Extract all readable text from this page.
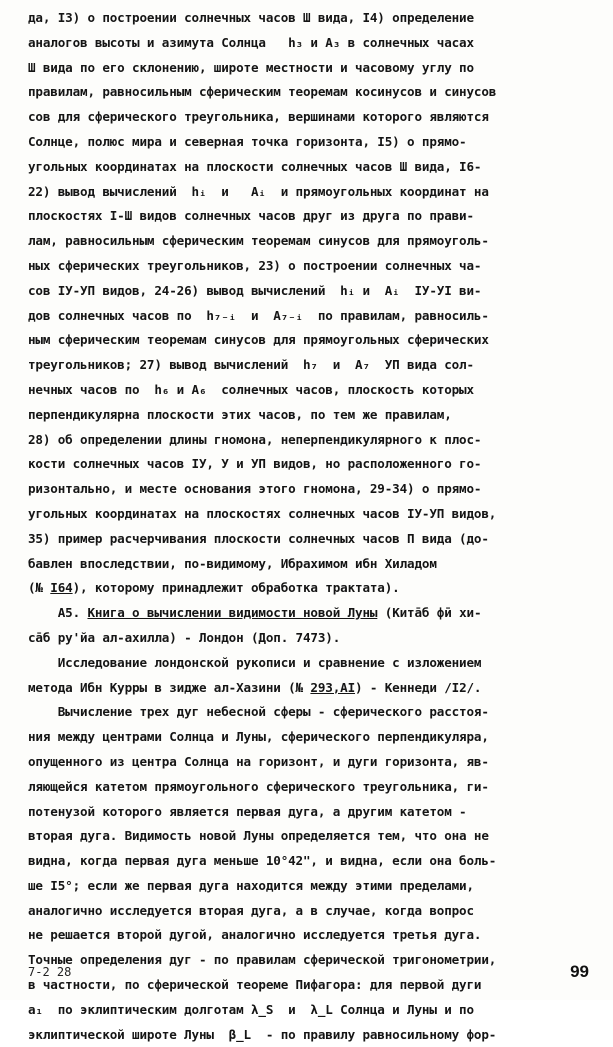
да, I3) о построении солнечных часов Ш вида, I4) определение
аналогов высоты и азимута Солнца   h₃ и A₃ в солнечных часах
Ш вида по его склонению, широте местности и часовому углу по
правилам, равносильным сферическим теоремам косинусов и синусов
сов для сферического треугольника, вершинами которого являются
Солнце, полюс мира и северная точка горизонта, I5) о прямо-
угольных координатах на плоскости солнечных часов Ш вида, I6-
22) вывод вычислений  hᵢ  и   Aᵢ  и прямоугольных координат на
плоскостях I-Ш видов солнечных часов друг из друга по прави-
лам, равносильным сферическим теоремам синусов для прямоуголь-
ных сферических треугольников, 23) о построении солнечных ча-
сов IУ-УП видов, 24-26) вывод вычислений  hᵢ и  Aᵢ  IУ-УI ви-
дов солнечных часов по  h₇₋ᵢ  и  A₇₋ᵢ  по правилам, равносиль-
ным сферическим теоремам синусов для прямоугольных сферических
треугольников; 27) вывод вычислений  h₇  и  A₇  УП вида сол-
нечных часов по  h₆ и A₆  солнечных часов, плоскость которых
перпендикулярна плоскости этих часов, по тем же правилам,
28) об определении длины гномона, неперпендикулярного к плос-
кости солнечных часов IУ, У и УП видов, но расположенного го-
ризонтально, и месте основания этого гномона, 29-34) о прямо-
угольных координатах на плоскостях солнечных часов IУ-УП видов,
35) пример расчерчивания плоскости солнечных часов П вида (до-
бавлен впоследствии, по-видимому, Ибрахимом ибн Хиладом
(№ I64), которому принадлежит обработка трактата).
A5. Книга о вычислении видимости новой Луны (Китāб фӣ хи-
сāб ру'йа ал-ахилла) - Лондон (Доп. 7473).
Исследование лондонской рукописи и сравнение с изложением
метода Ибн Курры в зидже ал-Хазини (№ 293,AI) - Кеннеди /I2/.
Вычисление трех дуг небесной сферы - сферического расстоя-
ния между центрами Солнца и Луны, сферического перпендикуляра,
опущенного из центра Солнца на горизонт, и дуги горизонта, яв-
ляющейся катетом прямоугольного сферического треугольника, ги-
потенузой которого является первая дуга, а другим катетом -
вторая дуга. Видимость новой Луны определяется тем, что она не
видна, когда первая дуга меньше 10°42", и видна, если она боль-
ше I5°; если же первая дуга находится между этими пределами,
аналогично исследуется вторая дуга, а в случае, когда вопрос
не решается второй дугой, аналогично исследуется третья дуга.
Точные определения дуг - по правилам сферической тригонометрии,
в частности, по сферической теореме Пифагора: для первой дуги
a₁  по эклиптическим долготам λ_S  и  λ_L Солнца и Луны и по
эклиптической широте Луны  β_L  - по правилу равносильному фор-
7-2 28	99
